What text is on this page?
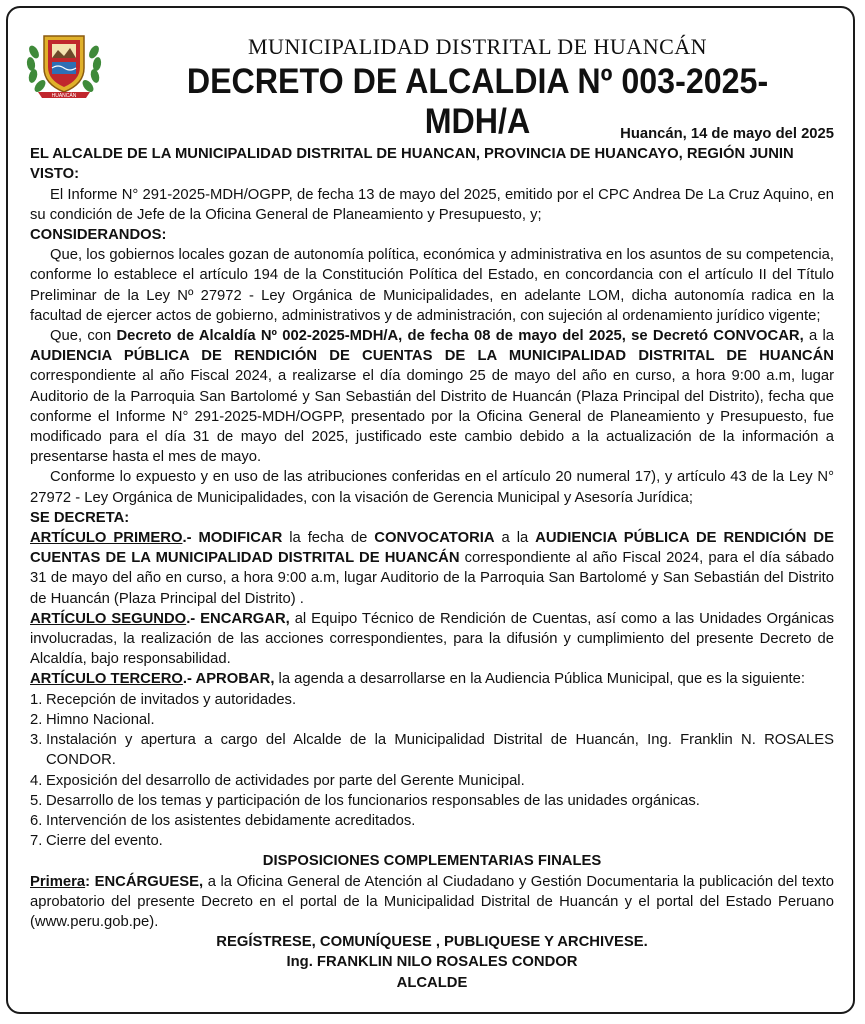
HUANCÁN
MUNICIPALIDAD DISTRITAL DE HUANCÁN
DECRETO DE ALCALDIA Nº 003-2025-MDH/A	Huancán, 14 de mayo del 2025

EL ALCALDE DE LA MUNICIPALIDAD DISTRITAL DE HUANCAN, PROVINCIA DE HUANCAYO, REGIÓN JUNIN

VISTO:

El Informe N° 291-2025-MDH/OGPP, de fecha 13 de mayo del 2025, emitido por el CPC Andrea De La Cruz Aquino, en su condición de Jefe de la Oficina General de Planeamiento y Presupuesto, y;

CONSIDERANDOS:

Que, los gobiernos locales gozan de autonomía política, económica y administrativa en los asuntos de su competencia, conforme lo establece el artículo 194 de la Constitución Política del Estado, en concordancia con el artículo II del Título Preliminar de la Ley Nº 27972 - Ley Orgánica de Municipalidades, en adelante LOM, dicha autonomía radica en la facultad de ejercer actos de gobierno, administrativos y de administración, con sujeción al ordenamiento jurídico vigente;

Que, con Decreto de Alcaldía Nº 002-2025-MDH/A, de fecha 08 de mayo del 2025, se Decretó CONVOCAR, a la AUDIENCIA PÚBLICA DE RENDICIÓN DE CUENTAS DE LA MUNICIPALIDAD DISTRITAL DE HUANCÁN correspondiente al año Fiscal 2024, a realizarse el día domingo 25 de mayo del año en curso, a hora 9:00 a.m, lugar Auditorio de la Parroquia San Bartolomé y San Sebastián del Distrito de Huancán (Plaza Principal del Distrito), fecha que conforme el Informe N° 291-2025-MDH/OGPP, presentado por la Oficina General de Planeamiento y Presupuesto, fue modificado para el día 31 de mayo del 2025, justificado este cambio debido a la actualización de la información a presentarse hasta el mes de mayo.

Conforme lo expuesto y en uso de las atribuciones conferidas en el artículo 20 numeral 17), y artículo 43 de la Ley N° 27972 - Ley Orgánica de Municipalidades, con la visación de Gerencia Municipal y Asesoría Jurídica;

SE DECRETA:

ARTÍCULO PRIMERO.- MODIFICAR la fecha de CONVOCATORIA a la AUDIENCIA PÚBLICA DE RENDICIÓN DE CUENTAS DE LA MUNICIPALIDAD DISTRITAL DE HUANCÁN correspondiente al año Fiscal 2024, para el día sábado 31 de mayo del año en curso, a hora 9:00 a.m, lugar Auditorio de la Parroquia San Bartolomé y San Sebastián del Distrito de Huancán (Plaza Principal del Distrito) .

ARTÍCULO SEGUNDO.- ENCARGAR, al Equipo Técnico de Rendición de Cuentas, así como a las Unidades Orgánicas involucradas, la realización de las acciones correspondientes, para la difusión y cumplimiento del presente Decreto de Alcaldía, bajo responsabilidad.

ARTÍCULO TERCERO.- APROBAR, la agenda a desarrollarse en la Audiencia Pública Municipal, que es la siguiente:

1. Recepción de invitados y autoridades.
2. Himno Nacional.
3. Instalación y apertura a cargo del Alcalde de la Municipalidad Distrital de Huancán, Ing. Franklin N. ROSALES CONDOR.
4. Exposición del desarrollo de actividades por parte del Gerente Municipal.
5. Desarrollo de los temas y participación de los funcionarios responsables de las unidades orgánicas.
6. Intervención de los asistentes debidamente acreditados.
7. Cierre del evento.

DISPOSICIONES COMPLEMENTARIAS FINALES

Primera: ENCÁRGUESE, a la Oficina General de Atención al Ciudadano y Gestión Documentaria la publicación del texto aprobatorio del presente Decreto en el portal de la Municipalidad Distrital de Huancán y el portal del Estado Peruano (www.peru.gob.pe).

REGÍSTRESE, COMUNÍQUESE , PUBLIQUESE Y ARCHIVESE.

Ing. FRANKLIN NILO ROSALES CONDOR

ALCALDE
